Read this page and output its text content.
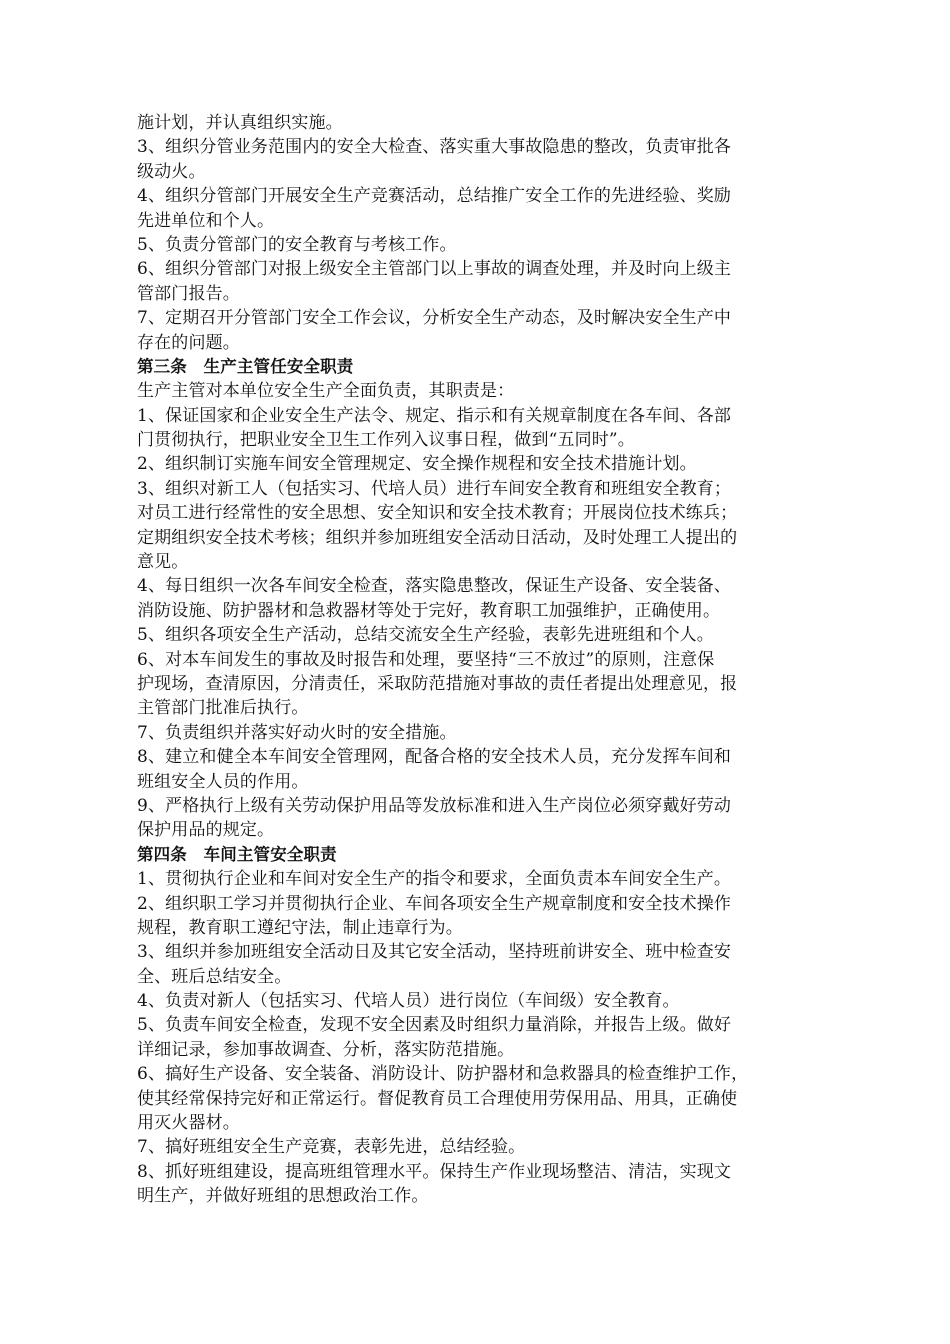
施计划，并认真组织实施。
3、组织分管业务范围内的安全大检查、落实重大事故隐患的整改，负责审批各
级动火。
4、组织分管部门开展安全生产竞赛活动，总结推广安全工作的先进经验、奖励
先进单位和个人。
5、负责分管部门的安全教育与考核工作。
6、组织分管部门对报上级安全主管部门以上事故的调查处理，并及时向上级主
管部门报告。
7、定期召开分管部门安全工作会议，分析安全生产动态，及时解决安全生产中
存在的问题。
第三条　生产主管任安全职责
生产主管对本单位安全生产全面负责，其职责是：
1、保证国家和企业安全生产法令、规定、指示和有关规章制度在各车间、各部
门贯彻执行，把职业安全卫生工作列入议事日程，做到“五同时”。
2、组织制订实施车间安全管理规定、安全操作规程和安全技术措施计划。
3、组织对新工人（包括实习、代培人员）进行车间安全教育和班组安全教育；
对员工进行经常性的安全思想、安全知识和安全技术教育；开展岗位技术练兵；
定期组织安全技术考核；组织并参加班组安全活动日活动，及时处理工人提出的
意见。
4、每日组织一次各车间安全检查，落实隐患整改，保证生产设备、安全装备、
消防设施、防护器材和急救器材等处于完好，教育职工加强维护，正确使用。
5、组织各项安全生产活动，总结交流安全生产经验，表彰先进班组和个人。
6、对本车间发生的事故及时报告和处理，要坚持“三不放过”的原则，注意保
护现场，查清原因，分清责任，采取防范措施对事故的责任者提出处理意见，报
主管部门批准后执行。
7、负责组织并落实好动火时的安全措施。
8、建立和健全本车间安全管理网，配备合格的安全技术人员，充分发挥车间和
班组安全人员的作用。
9、严格执行上级有关劳动保护用品等发放标准和进入生产岗位必须穿戴好劳动
保护用品的规定。
第四条　车间主管安全职责
1、贯彻执行企业和车间对安全生产的指令和要求，全面负责本车间安全生产。
2、组织职工学习并贯彻执行企业、车间各项安全生产规章制度和安全技术操作
规程，教育职工遵纪守法，制止违章行为。
3、组织并参加班组安全活动日及其它安全活动，坚持班前讲安全、班中检查安
全、班后总结安全。
4、负责对新人（包括实习、代培人员）进行岗位（车间级）安全教育。
5、负责车间安全检查，发现不安全因素及时组织力量消除，并报告上级。做好
详细记录，参加事故调查、分析，落实防范措施。
6、搞好生产设备、安全装备、消防设计、防护器材和急救器具的检查维护工作，
使其经常保持完好和正常运行。督促教育员工合理使用劳保用品、用具，正确使
用灭火器材。
7、搞好班组安全生产竞赛，表彰先进，总结经验。
8、抓好班组建设，提高班组管理水平。保持生产作业现场整洁、清洁，实现文
明生产，并做好班组的思想政治工作。
